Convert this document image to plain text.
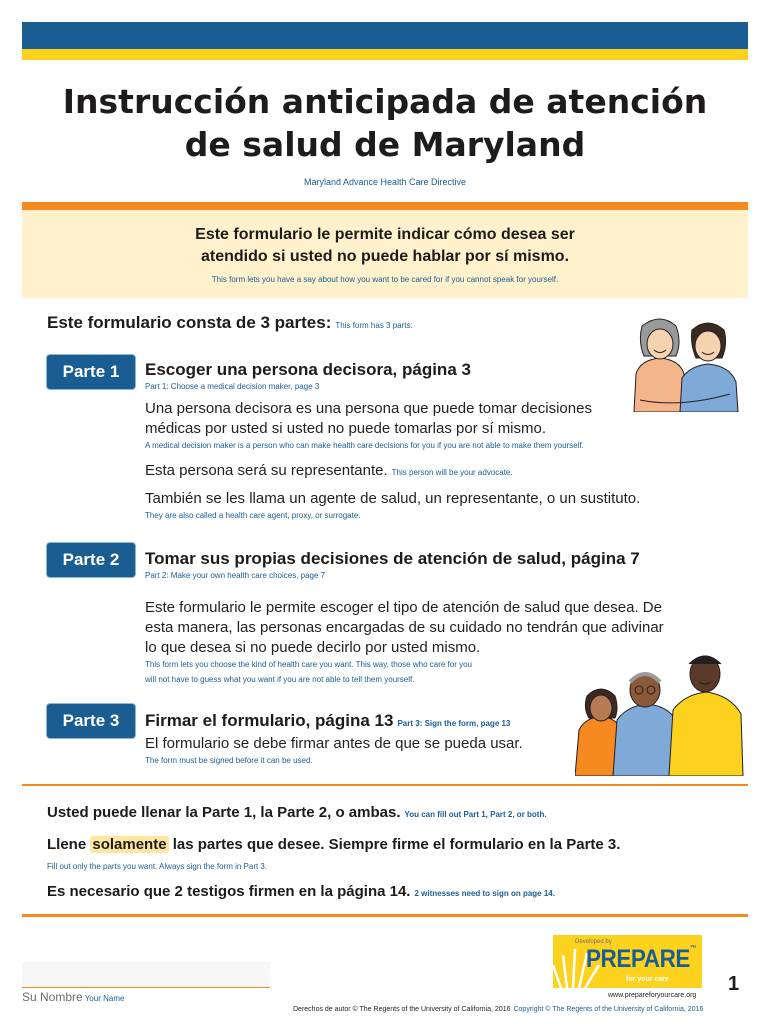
Instrucción anticipada de atención
de salud de Maryland
Maryland Advance Health Care Directive
Este formulario le permite indicar cómo desea ser
atendido si usted no puede hablar por sí mismo.
This form lets you have a say about how you want to be cared for if you cannot speak for yourself.
Este formulario consta de 3 partes: This form has 3 parts:
Parte 1	Escoger una persona decisora, página 3
Part 1: Choose a medical decision maker, page 3
Una persona decisora es una persona que puede tomar decisiones
médicas por usted si usted no puede tomarlas por sí mismo.
A medical decision maker is a person who can make health care decisions for you if you are not able to make them yourself.
Esta persona será su representante. This person will be your advocate.
También se les llama un agente de salud, un representante, o un sustituto.
They are also called a health care agent, proxy, or surrogate.
Parte 2	Tomar sus propias decisiones de atención de salud, página 7
Part 2: Make your own health care choices, page 7
Este formulario le permite escoger el tipo de atención de salud que desea. De
esta manera, las personas encargadas de su cuidado no tendrán que adivinar
lo que desea si no puede decirlo por usted mismo.
This form lets you choose the kind of health care you want. This way, those who care for you
will not have to guess what you want if you are not able to tell them yourself.
Parte 3	Firmar el formulario, página 13 Part 3: Sign the form, page 13
El formulario se debe firmar antes de que se pueda usar.
The form must be signed before it can be used.
Usted puede llenar la Parte 1, la Parte 2, o ambas. You can fill out Part 1, Part 2, or both.
Llene solamente las partes que desee. Siempre firme el formulario en la Parte 3.
Fill out only the parts you want. Always sign the form in Part 3.
Es necesario que 2 testigos firmen en la página 14. 2 witnesses need to sign on page 14.
Su Nombre Your Name
Developed by
PREPARE™
for your care
www.prepareforyourcare.org
1
Derechos de autor © The Regents of the University of California, 2016 Copyright © The Regents of the University of California, 2016
